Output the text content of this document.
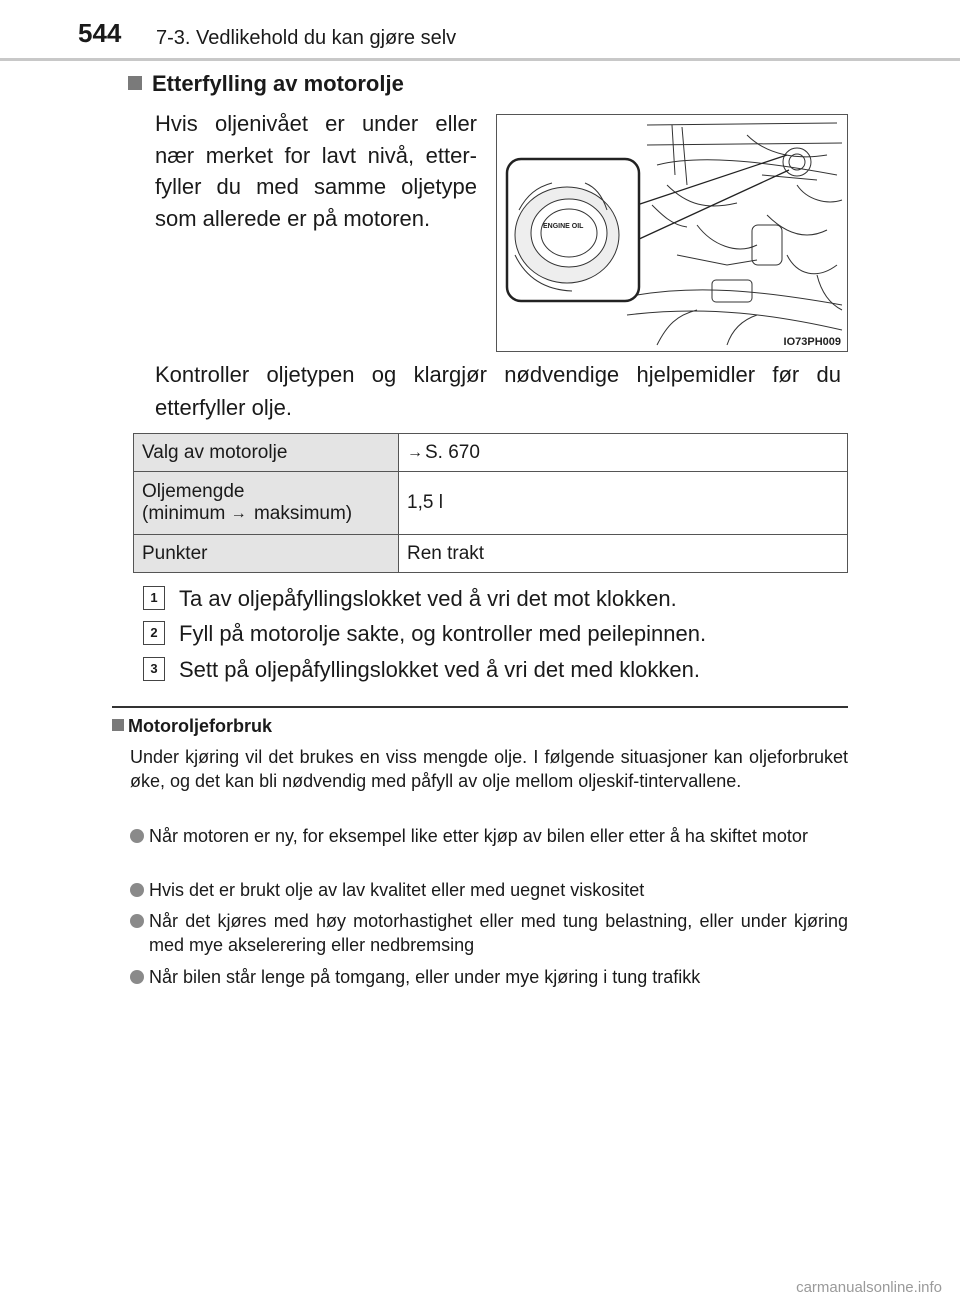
544 7-3. Vedlikehold du kan gjøre selv
Etterfylling av motorolje
Hvis oljenivået er under eller nær merket for lavt nivå, etter-fyller du med samme oljetype som allerede er på motoren.	ENGINE OIL
IO73PH009
Kontroller oljetypen og klargjør nødvendige hjelpemidler før du etterfyller olje.
Valg av motorolje	→ S. 670
Oljemengde
(minimum → maksimum)	1,5 l
Punkter	Ren trakt
1 Ta av oljepåfyllingslokket ved å vri det mot klokken.
2 Fyll på motorolje sakte, og kontroller med peilepinnen.
3 Sett på oljepåfyllingslokket ved å vri det med klokken.
Motoroljeforbruk
Under kjøring vil det brukes en viss mengde olje. I følgende situasjoner kan oljeforbruket øke, og det kan bli nødvendig med påfyll av olje mellom oljeskif-tintervallene.
Når motoren er ny, for eksempel like etter kjøp av bilen eller etter å ha skiftet motor
Hvis det er brukt olje av lav kvalitet eller med uegnet viskositet
Når det kjøres med høy motorhastighet eller med tung belastning, eller under kjøring med mye akselerering eller nedbremsing
Når bilen står lenge på tomgang, eller under mye kjøring i tung trafikk
carmanualsonline.info
